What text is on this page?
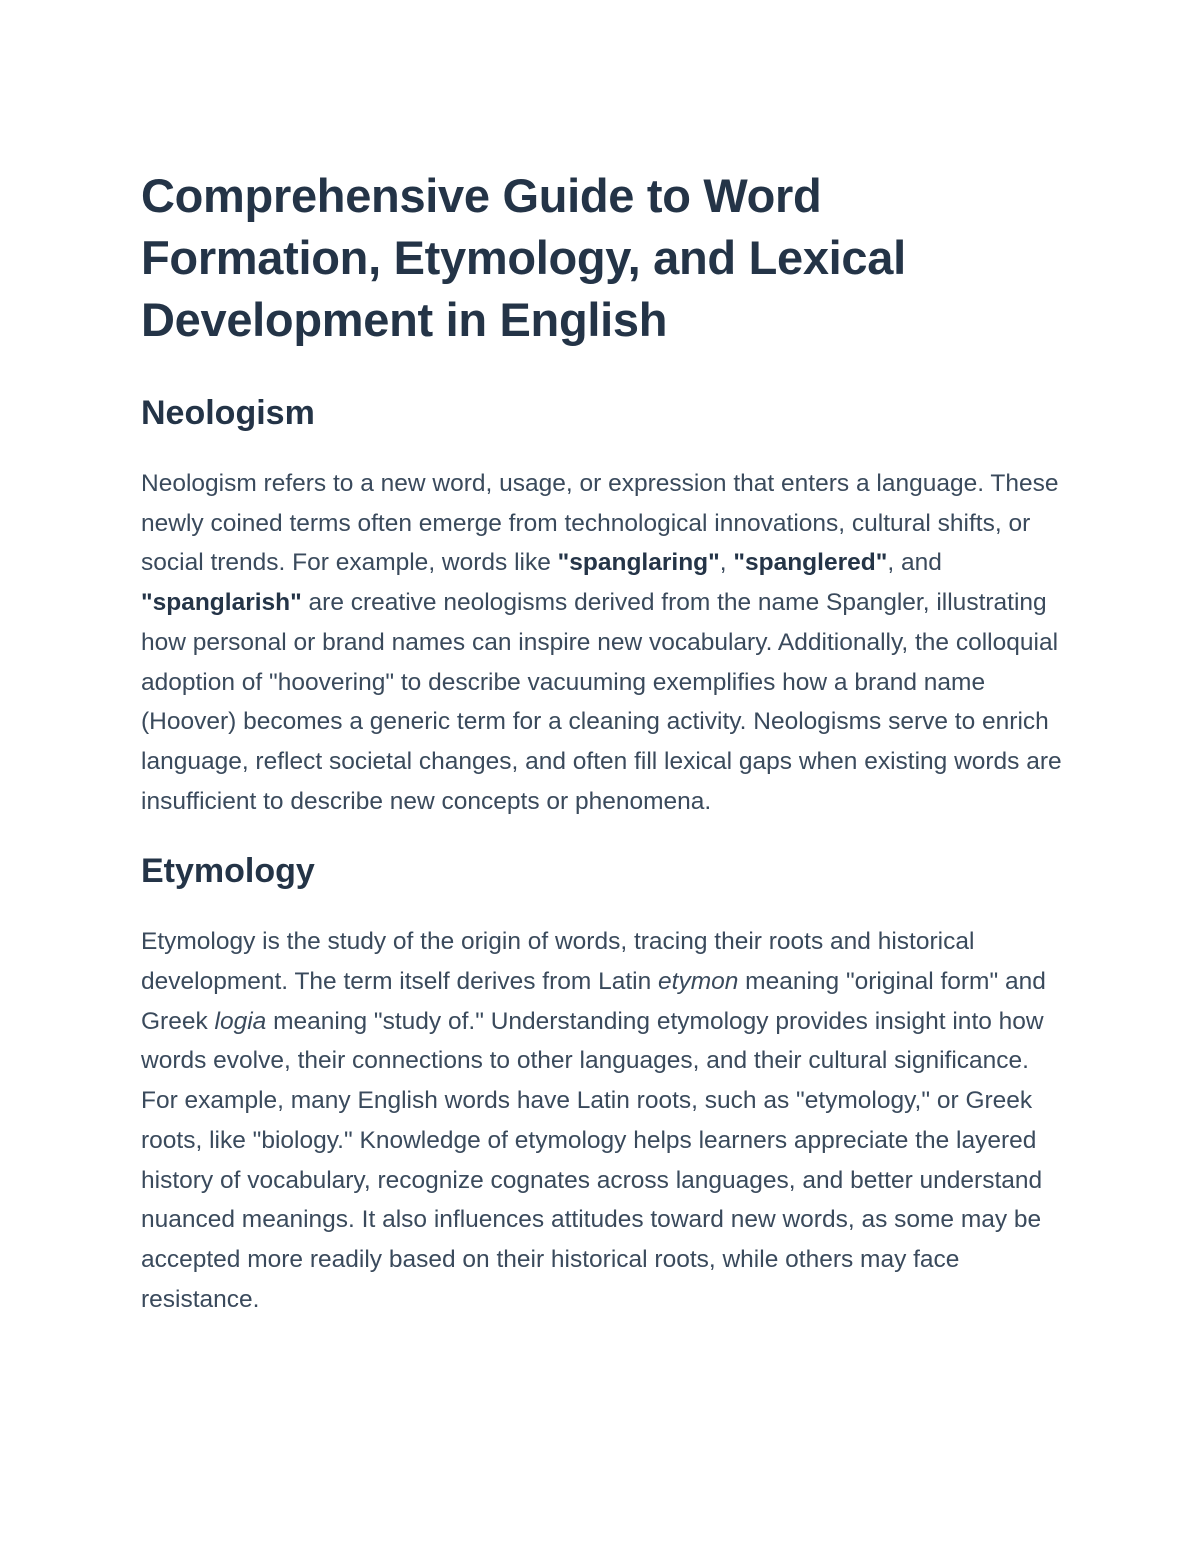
Comprehensive Guide to Word Formation, Etymology, and Lexical Development in English
Neologism

Neologism refers to a new word, usage, or expression that enters a language. These newly coined terms often emerge from technological innovations, cultural shifts, or social trends. For example, words like "spanglaring", "spanglered", and "spanglarish" are creative neologisms derived from the name Spangler, illustrating how personal or brand names can inspire new vocabulary. Additionally, the colloquial adoption of "hoovering" to describe vacuuming exemplifies how a brand name (Hoover) becomes a generic term for a cleaning activity. Neologisms serve to enrich language, reflect societal changes, and often fill lexical gaps when existing words are insufficient to describe new concepts or phenomena.

Etymology

Etymology is the study of the origin of words, tracing their roots and historical development. The term itself derives from Latin etymon meaning "original form" and Greek logia meaning "study of." Understanding etymology provides insight into how words evolve, their connections to other languages, and their cultural significance. For example, many English words have Latin roots, such as "etymology," or Greek roots, like "biology." Knowledge of etymology helps learners appreciate the layered history of vocabulary, recognize cognates across languages, and better understand nuanced meanings. It also influences attitudes toward new words, as some may be accepted more readily based on their historical roots, while others may face resistance.
